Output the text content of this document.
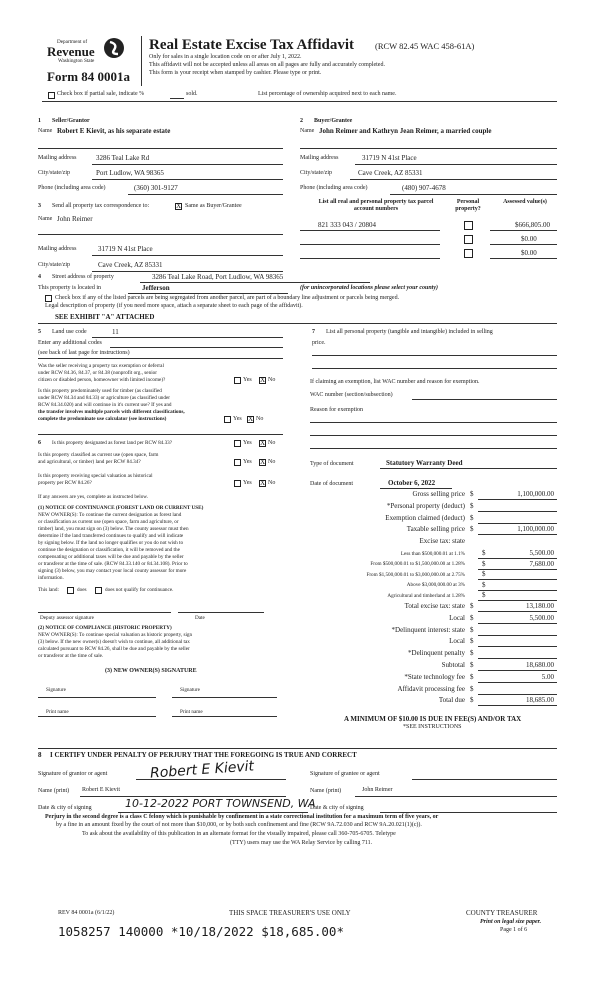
Department of
Revenue
Washington State
Real Estate Excise Tax Affidavit (RCW 82.45 WAC 458-61A)
Only for sales in a single location code on or after July 1, 2022.
This affidavit will not be accepted unless all areas on all pages are fully and accurately completed.
This form is your receipt when stamped by cashier. Please type or print.
Form 84 0001a
Check box if partial sale, indicate %	sold.	List percentage of ownership acquired next to each name.
1 Seller/Grantor
Name Robert E Kievit, as his separate estate
2 Buyer/Grantee
Name John Reimer and Kathryn Jean Reimer, a married couple
Mailing address	3286 Teal Lake Rd
City/state/zip	Port Ludlow, WA 98365
Phone (including area code)	(360) 301-9127
Mailing address	31719 N 41st Place
City/state/zip	Cave Creek, AZ 85331
Phone (including area code)	(480) 907-4678
3 Send all property tax correspondence to:	X Same as Buyer/Grantee
Name John Reimer
Mailing address	31719 N 41st Place
City/state/zip	Cave Creek, AZ 85331
List all real and personal property tax parcel account numbers
Personal property?
Assessed value(s)
821 333 043 / 20804	$666,805.00
$0.00
$0.00
4 Street address of property	3286 Teal Lake Road, Port Ludlow, WA 98365
This property is located in	Jefferson	(for unincorporated locations please select your county)
Check box if any of the listed parcels are being segregated from another parcel, are part of a boundary line adjustment or parcels being merged.
Legal description of property (if you need more space, attach a separate sheet to each page of the affidavit).
SEE EXHIBIT "A" ATTACHED
5 Land use code	11
Enter any additional codes
(see back of last page for instructions)
Was the seller receiving a property tax exemption or deferral
under RCW 84.36, 84.37, or 84.38 (nonprofit org., senior
citizen or disabled person, homeowner with limited income)?	Yes X No
Is this property predominately used for timber (as classified
under RCW 84.34 and 84.33) or agriculture (as classified under
RCW 84.34.020) and will continue in it's current use? If yes and
the transfer involves multiple parcels with different classifications,
complete the predominate use calculator (see instructions)	Yes X No
6 Is this property designated as forest land per RCW 84.33?	Yes X No
Is this property classified as current use (open space, farm
and agricultural, or timber) land per RCW 84.34?	Yes X No
Is this property receiving special valuation as historical
property per RCW 84.26?	Yes X No
If any answers are yes, complete as instructed below.
(1) NOTICE OF CONTINUANCE (FOREST LAND OR CURRENT USE)
NEW OWNER(S): To continue the current designation as forest land
or classification as current use (open space, farm and agriculture, or
timber) land, you must sign on (3) below. The county assessor must then
determine if the land transferred continues to qualify and will indicate
by signing below. If the land no longer qualifies or you do not wish to
continue the designation or classification, it will be removed and the
compensating or additional taxes will be due and payable by the seller
or transferor at the time of sale. (RCW 84.33.140 or 84.34.108). Prior to
signing (3) below, you may contact your local county assessor for more
information.
This land:	does	does not qualify for continuance.
Deputy assessor signature	Date
(2) NOTICE OF COMPLIANCE (HISTORIC PROPERTY)
NEW OWNER(S): To continue special valuation as historic property, sign
(3) below. If the new owner(s) doesn't wish to continue, all additional tax
calculated pursuant to RCW 84.26, shall be due and payable by the seller
or transferor at the time of sale.
(3) NEW OWNER(S) SIGNATURE
Signature	Signature
Print name	Print name
7 List all personal property (tangible and intangible) included in selling
price.
If claiming an exemption, list WAC number and reason for exemption.
WAC number (section/subsection)
Reason for exemption
Type of document	Statutory Warranty Deed
Date of document	October 6, 2022
Gross selling price $	1,100,000.00
*Personal property (deduct) $
Exemption claimed (deduct) $
Taxable selling price $	1,100,000.00
Excise tax: state
Less than $500,000.01 at 1.1% $	5,500.00
From $500,000.01 to $1,500,000.00 at 1.28% $	7,680.00
From $1,500,000.01 to $3,000,000.00 at 2.75% $
Above $3,000,000.00 at 3% $
Agricultural and timberland at 1.28% $
Total excise tax: state $	13,180.00
Local $	5,500.00
*Delinquent interest: state $
Local $
*Delinquent penalty $
Subtotal $	18,680.00
*State technology fee $	5.00
Affidavit processing fee $
Total due $	18,685.00
A MINIMUM OF $10.00 IS DUE IN FEE(S) AND/OR TAX
*SEE INSTRUCTIONS
8 I CERTIFY UNDER PENALTY OF PERJURY THAT THE FOREGOING IS TRUE AND CORRECT
Signature of grantor or agent	Robert E Kievit	Signature of grantee or agent
Name (print) Robert E Kievit	Name (print)	John Reimer
Date & city of signing	10-12-2022 PORT TOWNSEND, WA
Date & city of signing
Perjury in the second degree is a class C felony which is punishable by confinement in a state correctional institution for a maximum term of five years, or
by a fine in an amount fixed by the court of not more than $10,000, or by both such confinement and fine (RCW 9A.72.030 and RCW 9A.20.021(1)(c)).
To ask about the availability of this publication in an alternate format for the visually impaired, please call 360-705-6705. Teletype
(TTY) users may use the WA Relay Service by calling 711.
REV 84 0001a (6/1/22)	THIS SPACE TREASURER'S USE ONLY	COUNTY TREASURER
Print on legal size paper.
Page 1 of 6
1058257 140000 *10/18/2022 $18,685.00*
